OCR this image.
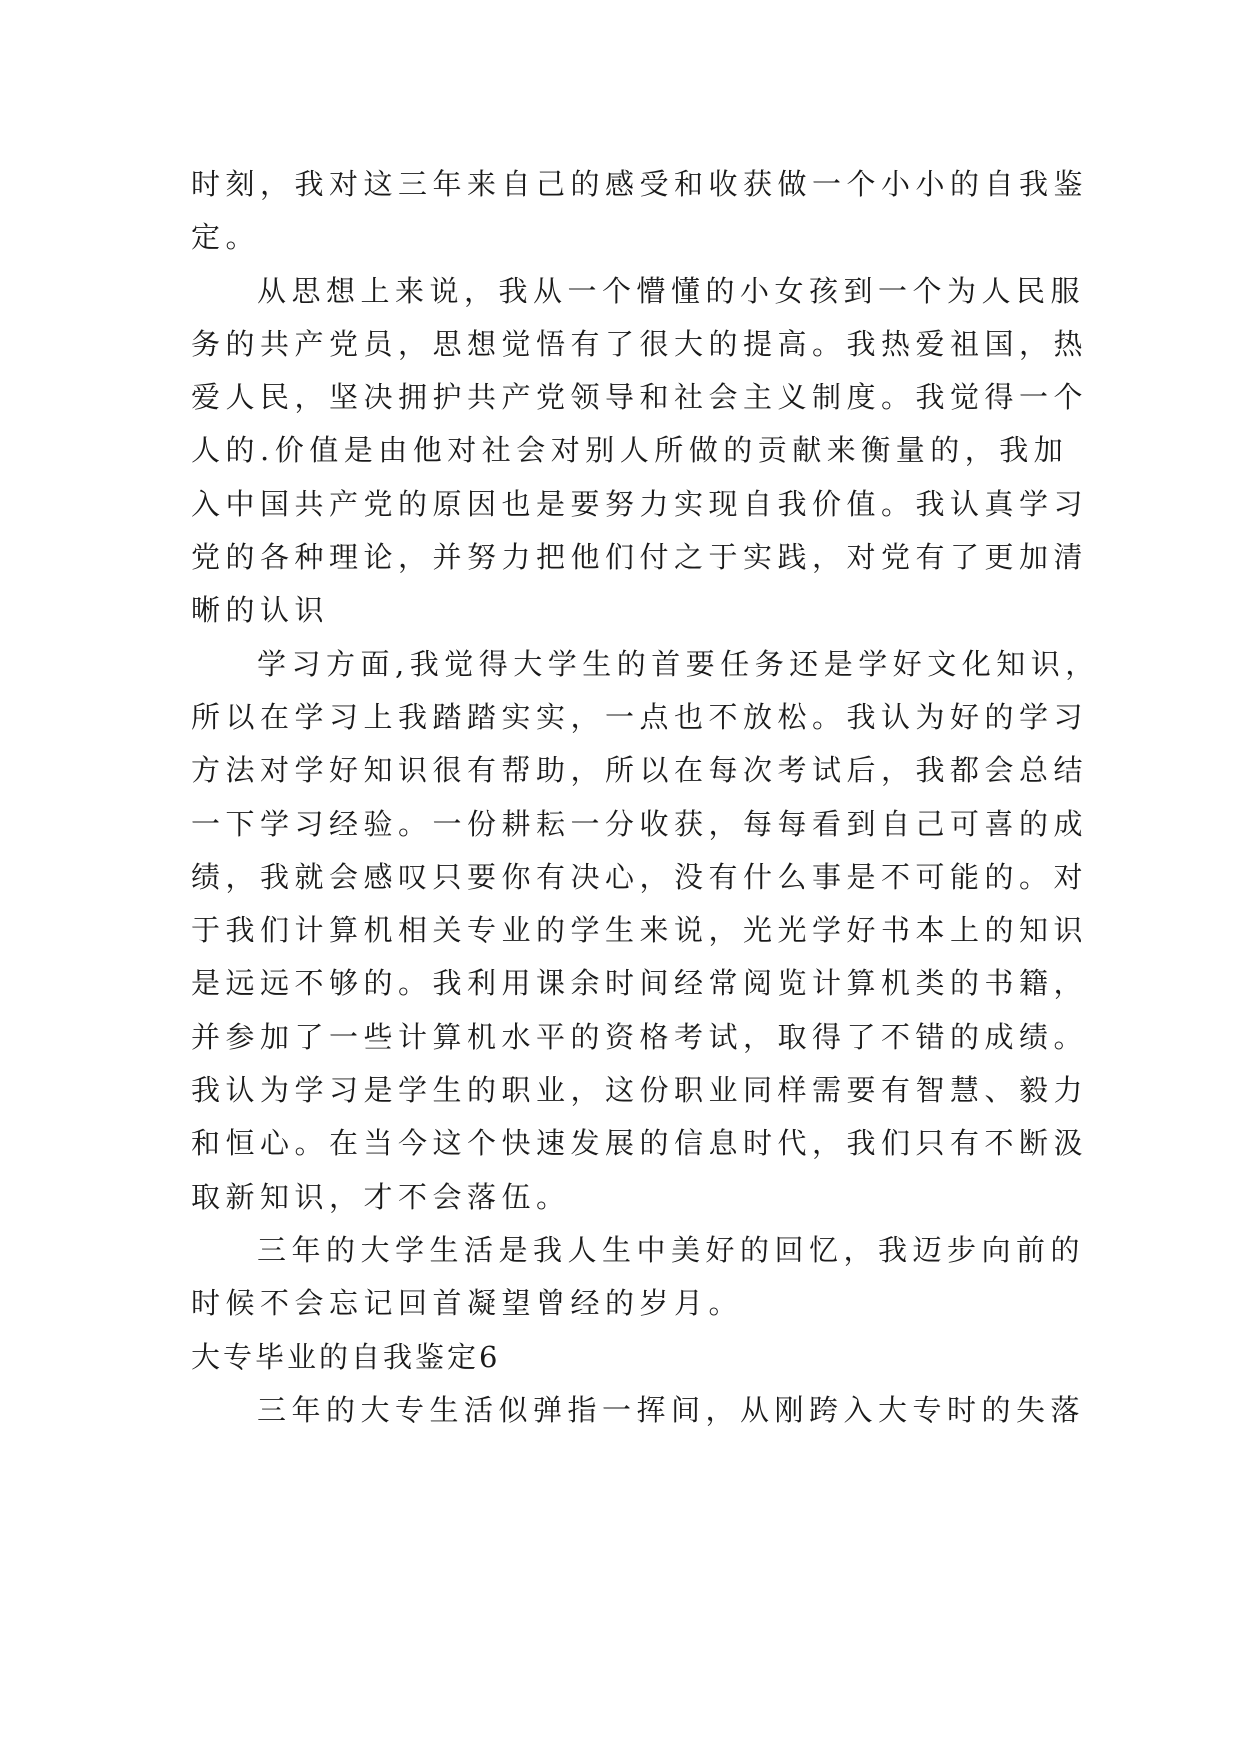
时刻，我对这三年来自己的感受和收获做一个小小的自我鉴
定。
从思想上来说，我从一个懵懂的小女孩到一个为人民服
务的共产党员，思想觉悟有了很大的提高。我热爱祖国，热
爱人民，坚决拥护共产党领导和社会主义制度。我觉得一个
人的.价值是由他对社会对别人所做的贡献来衡量的，我加
入中国共产党的原因也是要努力实现自我价值。我认真学习
党的各种理论，并努力把他们付之于实践，对党有了更加清
晰的认识
学习方面,我觉得大学生的首要任务还是学好文化知识，
所以在学习上我踏踏实实，一点也不放松。我认为好的学习
方法对学好知识很有帮助，所以在每次考试后，我都会总结
一下学习经验。一份耕耘一分收获，每每看到自己可喜的成
绩，我就会感叹只要你有决心，没有什么事是不可能的。对
于我们计算机相关专业的学生来说，光光学好书本上的知识
是远远不够的。我利用课余时间经常阅览计算机类的书籍，
并参加了一些计算机水平的资格考试，取得了不错的成绩。
我认为学习是学生的职业，这份职业同样需要有智慧、毅力
和恒心。在当今这个快速发展的信息时代，我们只有不断汲
取新知识，才不会落伍。
三年的大学生活是我人生中美好的回忆，我迈步向前的
时候不会忘记回首凝望曾经的岁月。
大专毕业的自我鉴定6
三年的大专生活似弹指一挥间，从刚跨入大专时的失落
